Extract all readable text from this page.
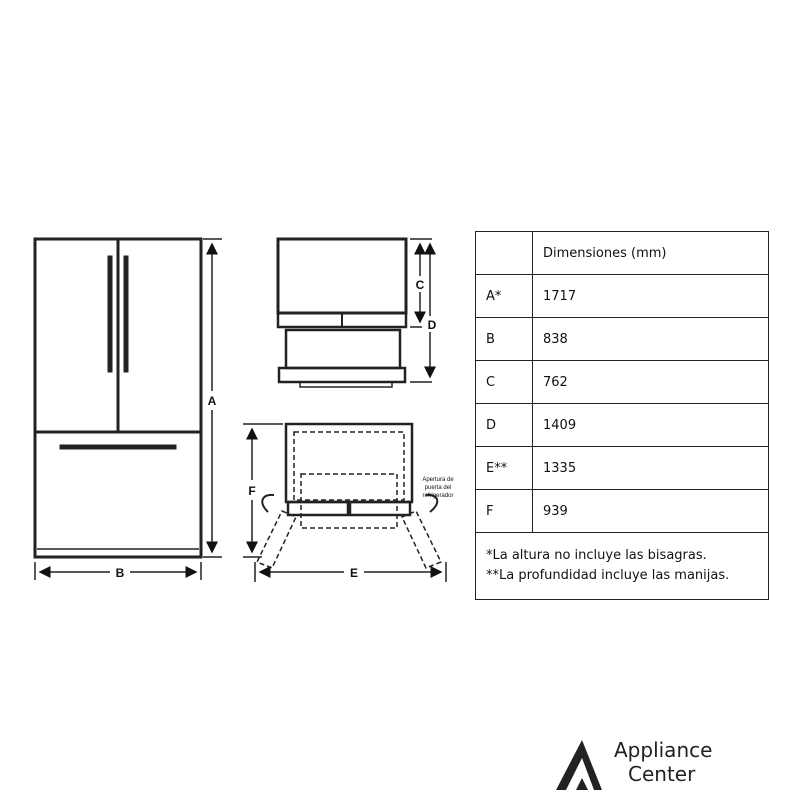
A
B
C
D
F
E
Apertura de
puerta del
refrigerador
	Dimensiones (mm)
A*	1717
B	838
C	762
D	1409
E**	1335
F	939

*La altura no incluye las bisagras.
**La profundidad incluye las manijas.	
Appliance
Center
